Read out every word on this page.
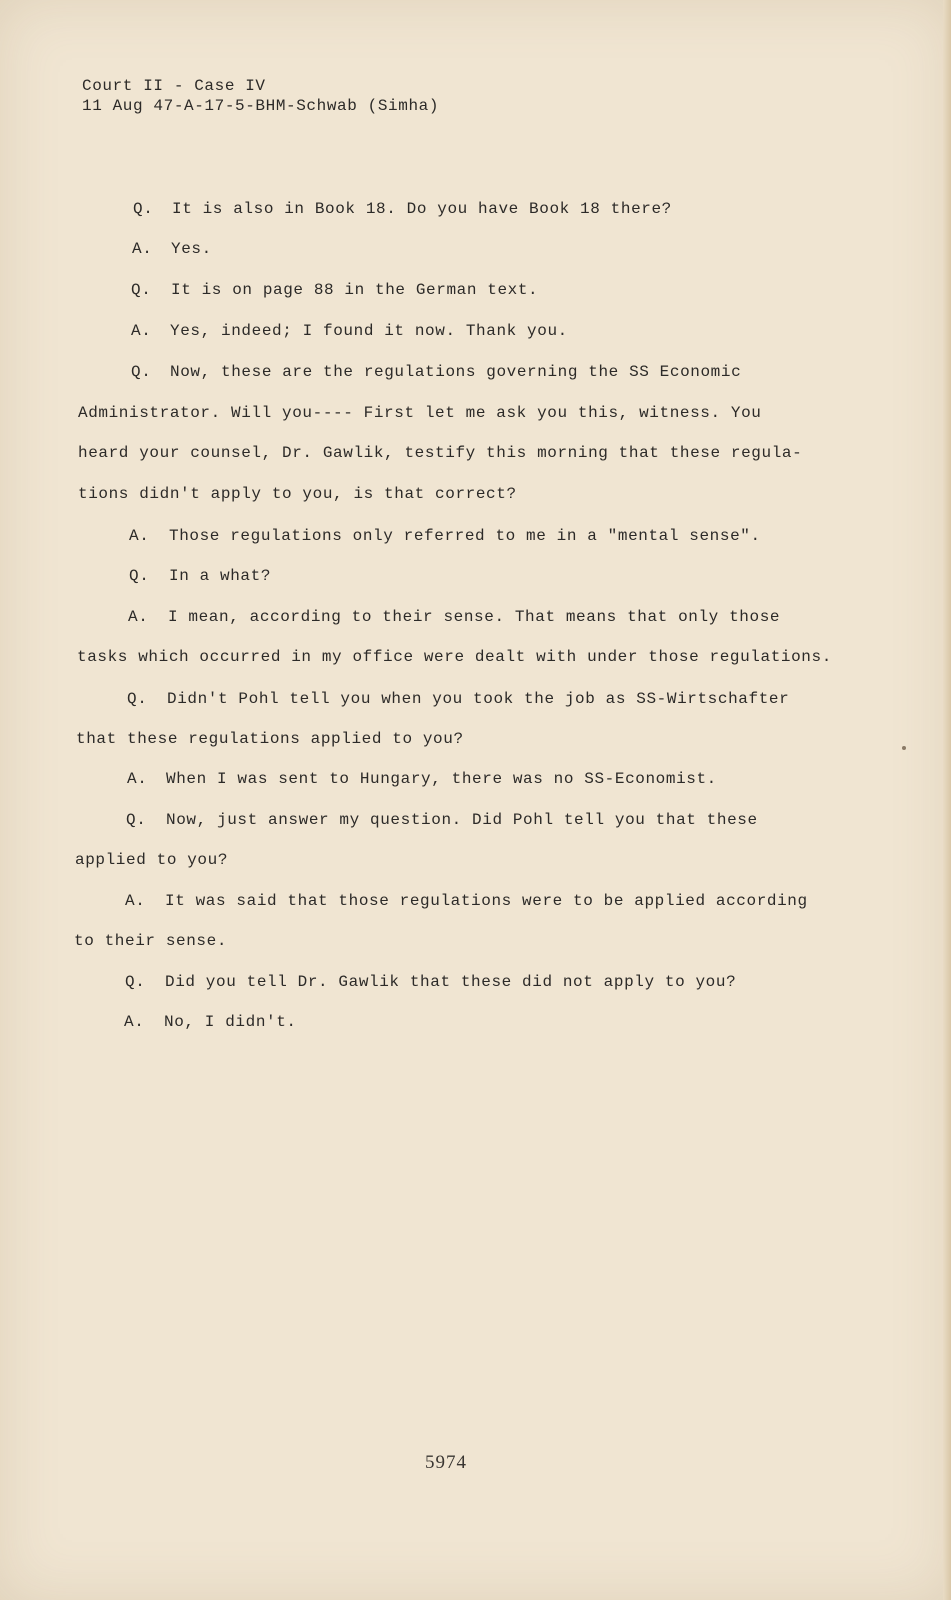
Court II - Case IV
11 Aug 47-A-17-5-BHM-Schwab (Simha)
Q. It is also in Book 18. Do you have Book 18 there?
A. Yes.
Q. It is on page 88 in the German text.
A. Yes, indeed; I found it now. Thank you.
Q. Now, these are the regulations governing the SS Economic
Administrator. Will you---- First let me ask you this, witness. You
heard your counsel, Dr. Gawlik, testify this morning that these regula-
tions didn't apply to you, is that correct?
A. Those regulations only referred to me in a "mental sense".
Q. In a what?
A. I mean, according to their sense. That means that only those
tasks which occurred in my office were dealt with under those regulations.
Q. Didn't Pohl tell you when you took the job as SS-Wirtschafter
that these regulations applied to you?
A. When I was sent to Hungary, there was no SS-Economist.
Q. Now, just answer my question. Did Pohl tell you that these
applied to you?
A. It was said that those regulations were to be applied according
to their sense.
Q. Did you tell Dr. Gawlik that these did not apply to you?
A. No, I didn't.
5974
